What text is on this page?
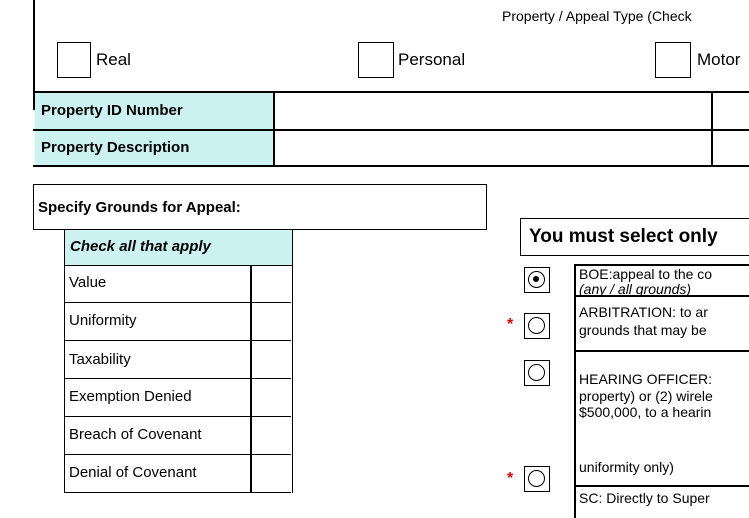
Property / Appeal Type (Check
Real	Personal	Motor
Property ID Number
Property Description
Specify Grounds for Appeal:
Check all that apply
Value
Uniformity
Taxability
Exemption Denied
Breach of Covenant
Denial of Covenant
You must select only
BOE:appeal to the co
(any / all grounds)
*
ARBITRATION: to ar
grounds that may be
HEARING OFFICER:
property) or (2) wirele
$500,000, to a hearin
uniformity only)
*
SC: Directly to Super
